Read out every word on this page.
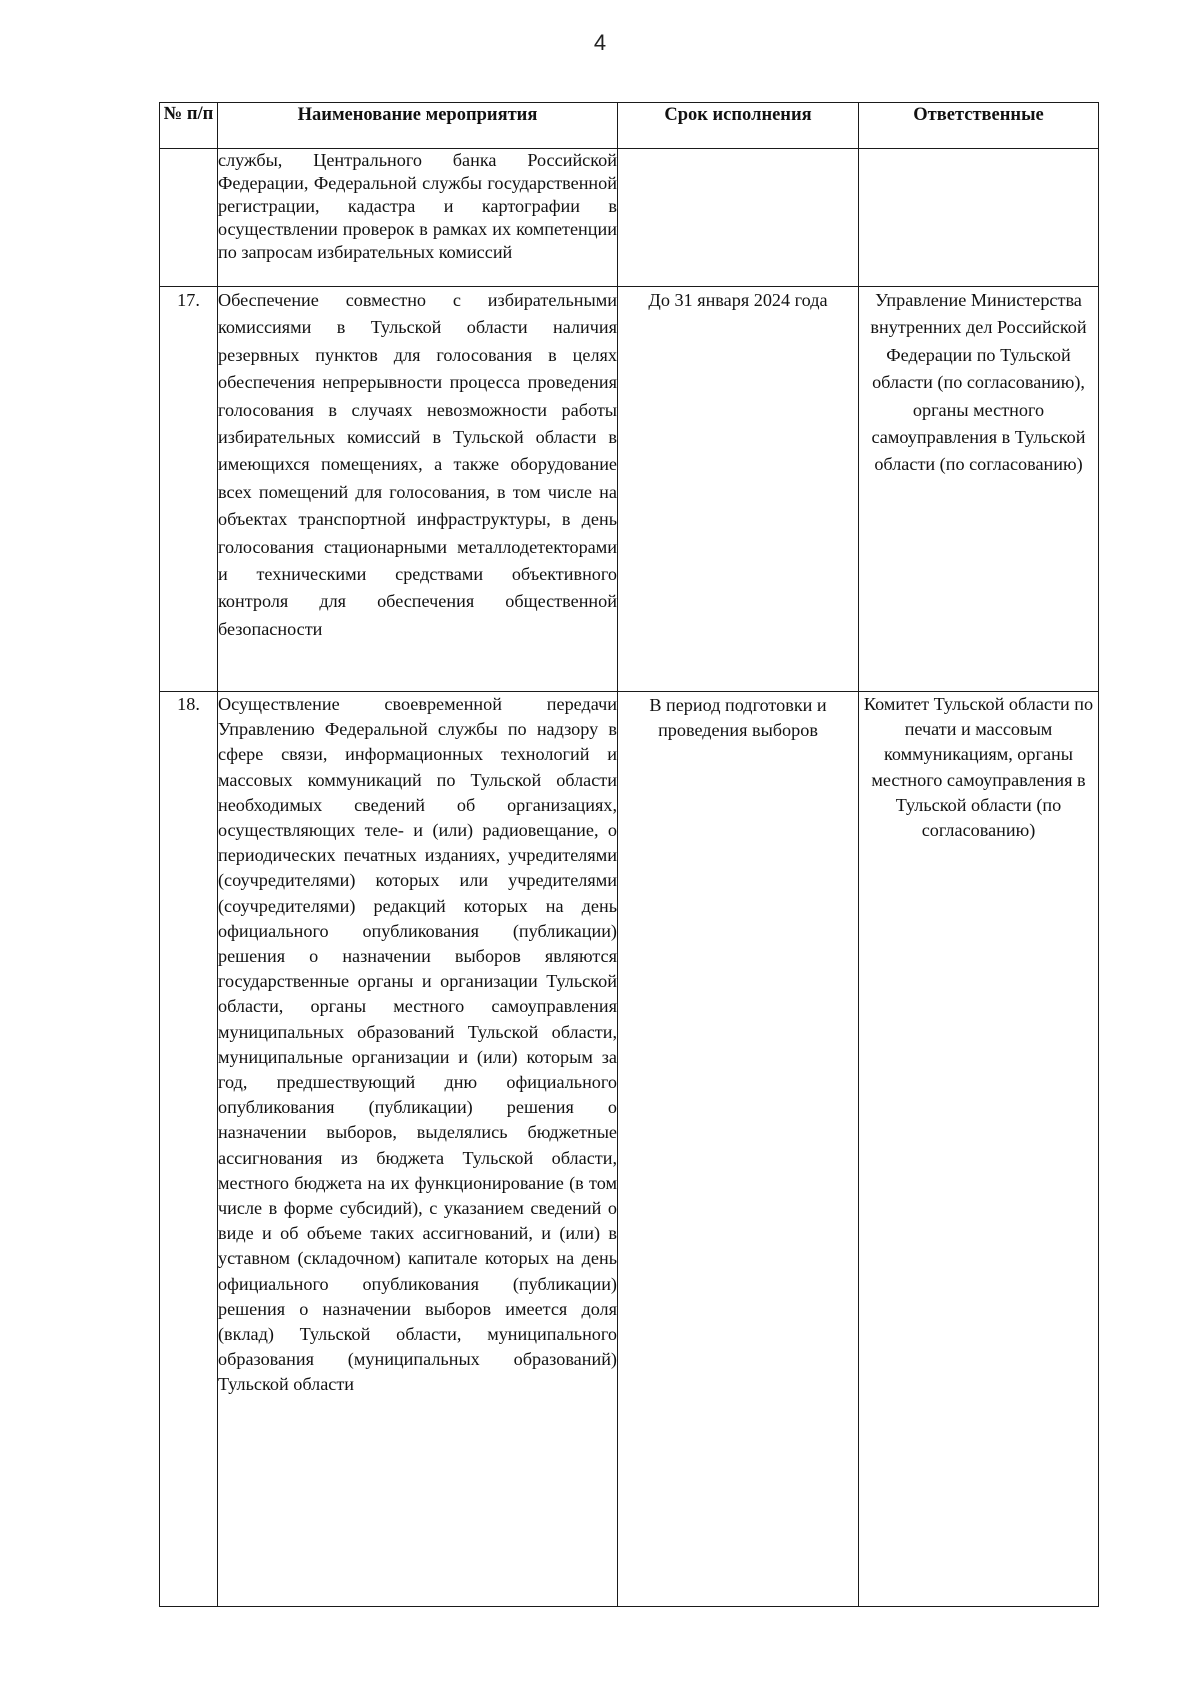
4
№ п/п	Наименование мероприятия	Срок исполнения	Ответственные
	службы, Центрального банка Российской Федерации, Федеральной службы государственной регистрации, кадастра и картографии в осуществлении проверок в рамках их компетенции по запросам избирательных комиссий		
17.	Обеспечение совместно с избирательными комиссиями в Тульской области наличия резервных пунктов для голосования в целях обеспечения непрерывности процесса проведения голосования в случаях невозможности работы избирательных комиссий в Тульской области в имеющихся помещениях, а также оборудование всех помещений для голосования, в том числе на объектах транспортной инфраструктуры, в день голосования стационарными металлодетекторами и техническими средствами объективного контроля для обеспечения общественной безопасности	До 31 января 2024 года	Управление Министерства внутренних дел Российской Федерации по Тульской области (по согласованию), органы местного самоуправления в Тульской области (по согласованию)
18.	Осуществление своевременной передачи Управлению Федеральной службы по надзору в сфере связи, информационных технологий и массовых коммуникаций по Тульской области необходимых сведений об организациях, осуществляющих теле- и (или) радиовещание, о периодических печатных изданиях, учредителями (соучредителями) которых или учредителями (соучредителями) редакций которых на день официального опубликования (публикации) решения о назначении выборов являются государственные органы и организации Тульской области, органы местного самоуправления муниципальных образований Тульской области, муниципальные организации и (или) которым за год, предшествующий дню официального опубликования (публикации) решения о назначении выборов, выделялись бюджетные ассигнования из бюджета Тульской области, местного бюджета на их функционирование (в том числе в форме субсидий), с указанием сведений о виде и об объеме таких ассигнований, и (или) в уставном (складочном) капитале которых на день официального опубликования (публикации) решения о назначении выборов имеется доля (вклад) Тульской области, муниципального образования (муниципальных образований) Тульской области	В период подготовки и проведения выборов	Комитет Тульской области по печати и массовым коммуникациям, органы местного самоуправления в Тульской области (по согласованию)
